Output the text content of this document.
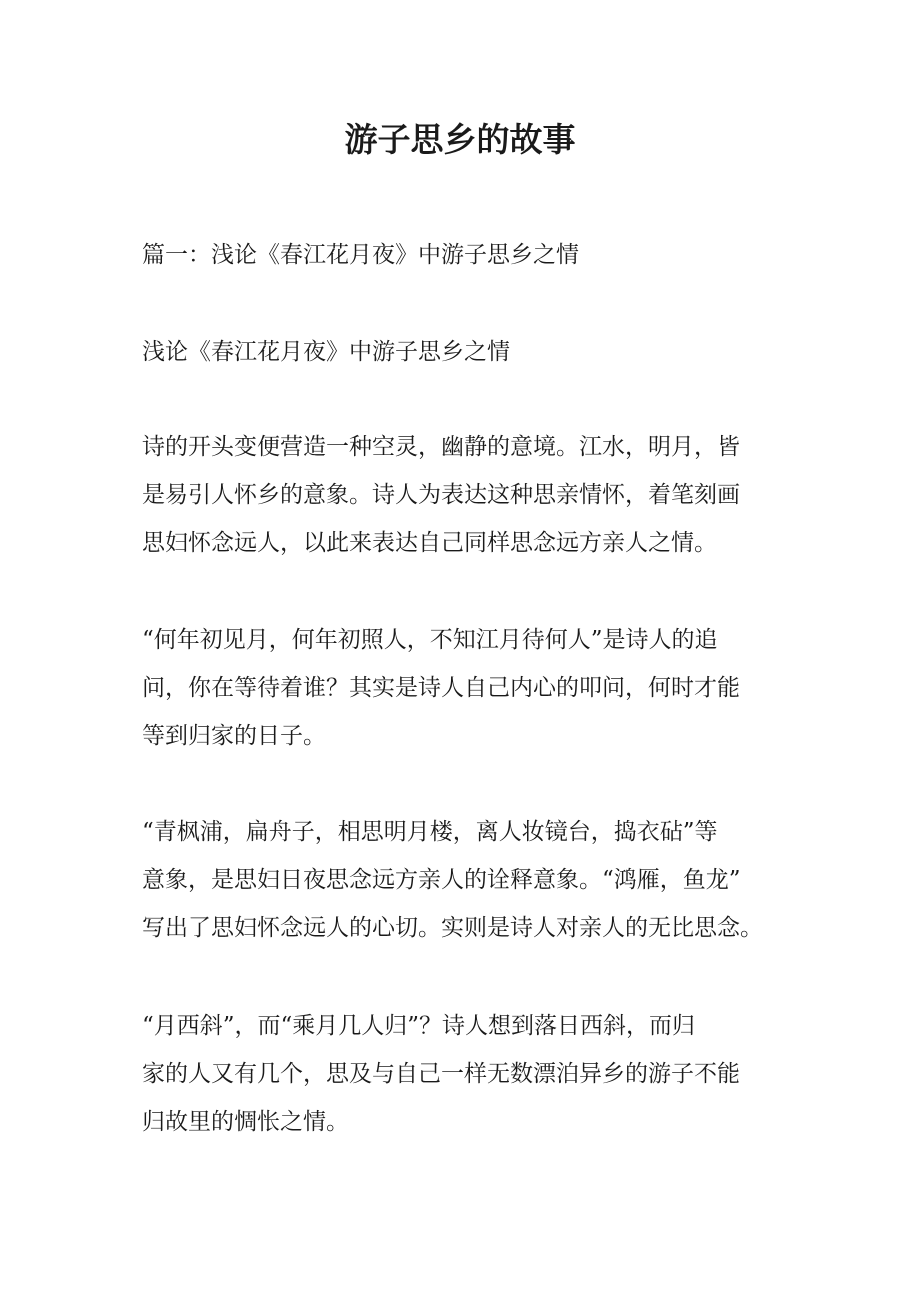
游子思乡的故事

篇一：浅论《春江花月夜》中游子思乡之情

浅论《春江花月夜》中游子思乡之情

诗的开头变便营造一种空灵，幽静的意境。江水，明月，皆
是易引人怀乡的意象。诗人为表达这种思亲情怀，着笔刻画
思妇怀念远人，以此来表达自己同样思念远方亲人之情。
“何年初见月，何年初照人，不知江月待何人”是诗人的追
问，你在等待着谁？其实是诗人自己内心的叩问，何时才能
等到归家的日子。
“青枫浦，扁舟子，相思明月楼，离人妆镜台，捣衣砧”等
意象，是思妇日夜思念远方亲人的诠释意象。“鸿雁，鱼龙”
写出了思妇怀念远人的心切。实则是诗人对亲人的无比思念。
“月西斜”，而“乘月几人归”？诗人想到落日西斜，而归
家的人又有几个，思及与自己一样无数漂泊异乡的游子不能
归故里的惆怅之情。
